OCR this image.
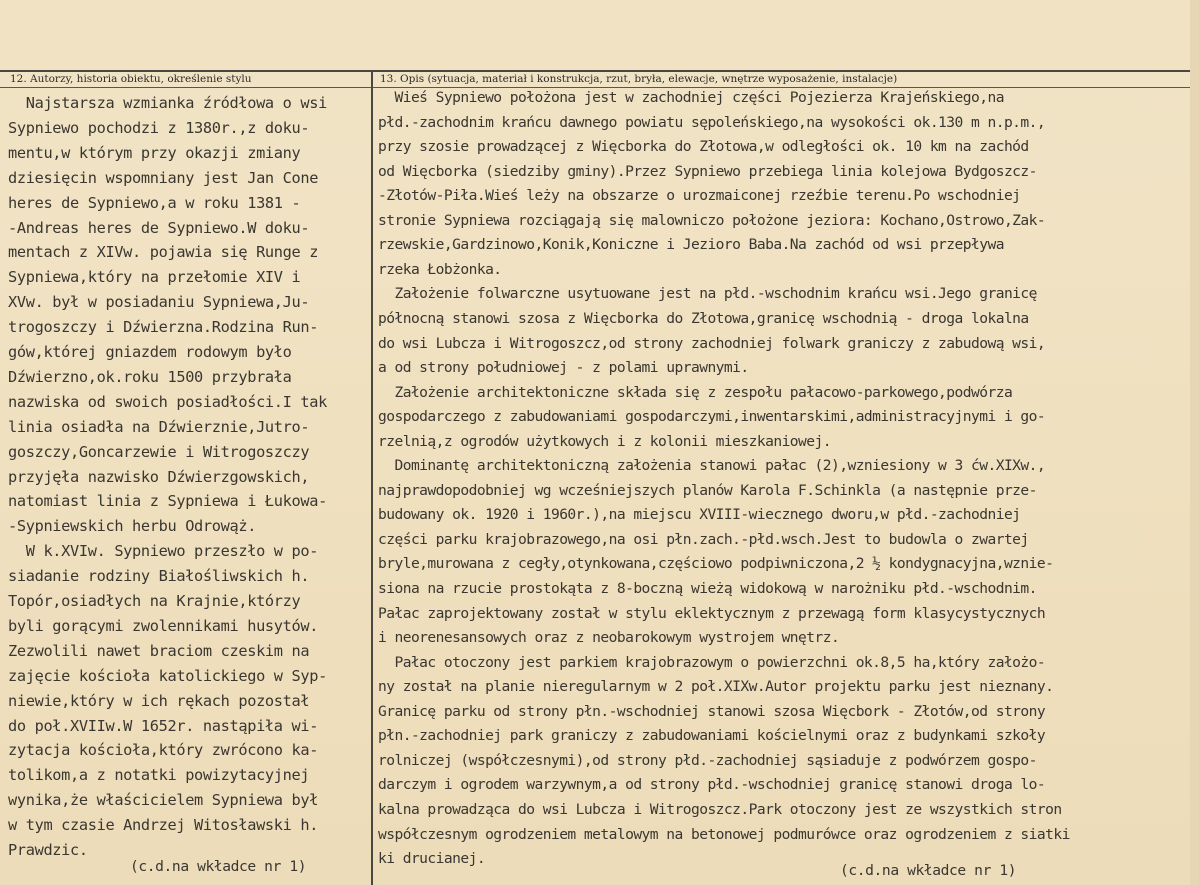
12. Autorzy, historia obiektu, określenie stylu	13. Opis (sytuacja, materiał i konstrukcja, rzut, bryła, elewacje, wnętrze wyposażenie, instalacje)
Najstarsza wzmianka źródłowa o wsi
Sypniewo pochodzi z 1380r.,z doku-
mentu,w którym przy okazji zmiany
dziesięcin wspomniany jest Jan Cone
heres de Sypniewo,a w roku 1381 -
-Andreas heres de Sypniewo.W doku-
mentach z XIVw. pojawia się Runge z
Sypniewa,który na przełomie XIV i
XVw. był w posiadaniu Sypniewa,Ju-
trogoszczy i Dźwierzna.Rodzina Run-
gów,której gniazdem rodowym było
Dźwierzno,ok.roku 1500 przybrała
nazwiska od swoich posiadłości.I tak
linia osiadła na Dźwierznie,Jutro-
goszczy,Goncarzewie i Witrogoszczy
przyjęła nazwisko Dźwierzgowskich,
natomiast linia z Sypniewa i Łukowa-
-Sypniewskich herbu Odrowąż.
W k.XVIw. Sypniewo przeszło w po-
siadanie rodziny Białośliwskich h.
Topór,osiadłych na Krajnie,którzy
byli gorącymi zwolennikami husytów.
Zezwolili nawet braciom czeskim na
zajęcie kościoła katolickiego w Syp-
niewie,który w ich rękach pozostał
do poł.XVIIw.W 1652r. nastąpiła wi-
zytacja kościoła,który zwrócono ka-
tolikom,a z notatki powizytacyjnej
wynika,że właścicielem Sypniewa był
w tym czasie Andrzej Witosławski h.
Prawdzic.
Wieś Sypniewo położona jest w zachodniej części Pojezierza Krajeńskiego,na
płd.-zachodnim krańcu dawnego powiatu sępoleńskiego,na wysokości ok.130 m n.p.m.,
przy szosie prowadzącej z Więcborka do Złotowa,w odległości ok. 10 km na zachód
od Więcborka (siedziby gminy).Przez Sypniewo przebiega linia kolejowa Bydgoszcz-
-Złotów-Piła.Wieś leży na obszarze o urozmaiconej rzeźbie terenu.Po wschodniej
stronie Sypniewa rozciągają się malowniczo położone jeziora: Kochano,Ostrowo,Zak-
rzewskie,Gardzinowo,Konik,Koniczne i Jezioro Baba.Na zachód od wsi przepływa
rzeka Łobżonka.
Założenie folwarczne usytuowane jest na płd.-wschodnim krańcu wsi.Jego granicę
północną stanowi szosa z Więcborka do Złotowa,granicę wschodnią - droga lokalna
do wsi Lubcza i Witrogoszcz,od strony zachodniej folwark graniczy z zabudową wsi,
a od strony południowej - z polami uprawnymi.
Założenie architektoniczne składa się z zespołu pałacowo-parkowego,podwórza
gospodarczego z zabudowaniami gospodarczymi,inwentarskimi,administracyjnymi i go-
rzelnią,z ogrodów użytkowych i z kolonii mieszkaniowej.
Dominantę architektoniczną założenia stanowi pałac (2),wzniesiony w 3 ćw.XIXw.,
najprawdopodobniej wg wcześniejszych planów Karola F.Schinkla (a następnie prze-
budowany ok. 1920 i 1960r.),na miejscu XVIII-wiecznego dworu,w płd.-zachodniej
części parku krajobrazowego,na osi płn.zach.-płd.wsch.Jest to budowla o zwartej
bryle,murowana z cegły,otynkowana,częściowo podpiwniczona,2 ½ kondygnacyjna,wznie-
siona na rzucie prostokąta z 8-boczną wieżą widokową w narożniku płd.-wschodnim.
Pałac zaprojektowany został w stylu eklektycznym z przewagą form klasycystycznych
i neorenesansowych oraz z neobarokowym wystrojem wnętrz.
Pałac otoczony jest parkiem krajobrazowym o powierzchni ok.8,5 ha,który założo-
ny został na planie nieregularnym w 2 poł.XIXw.Autor projektu parku jest nieznany.
Granicę parku od strony płn.-wschodniej stanowi szosa Więcbork - Złotów,od strony
płn.-zachodniej park graniczy z zabudowaniami kościelnymi oraz z budynkami szkoły
rolniczej (współczesnymi),od strony płd.-zachodniej sąsiaduje z podwórzem gospo-
darczym i ogrodem warzywnym,a od strony płd.-wschodniej granicę stanowi droga lo-
kalna prowadząca do wsi Lubcza i Witrogoszcz.Park otoczony jest ze wszystkich stron
współczesnym ogrodzeniem metalowym na betonowej podmurówce oraz ogrodzeniem z siatki
ki drucianej.
(c.d.na wkładce nr 1)	(c.d.na wkładce nr 1)
